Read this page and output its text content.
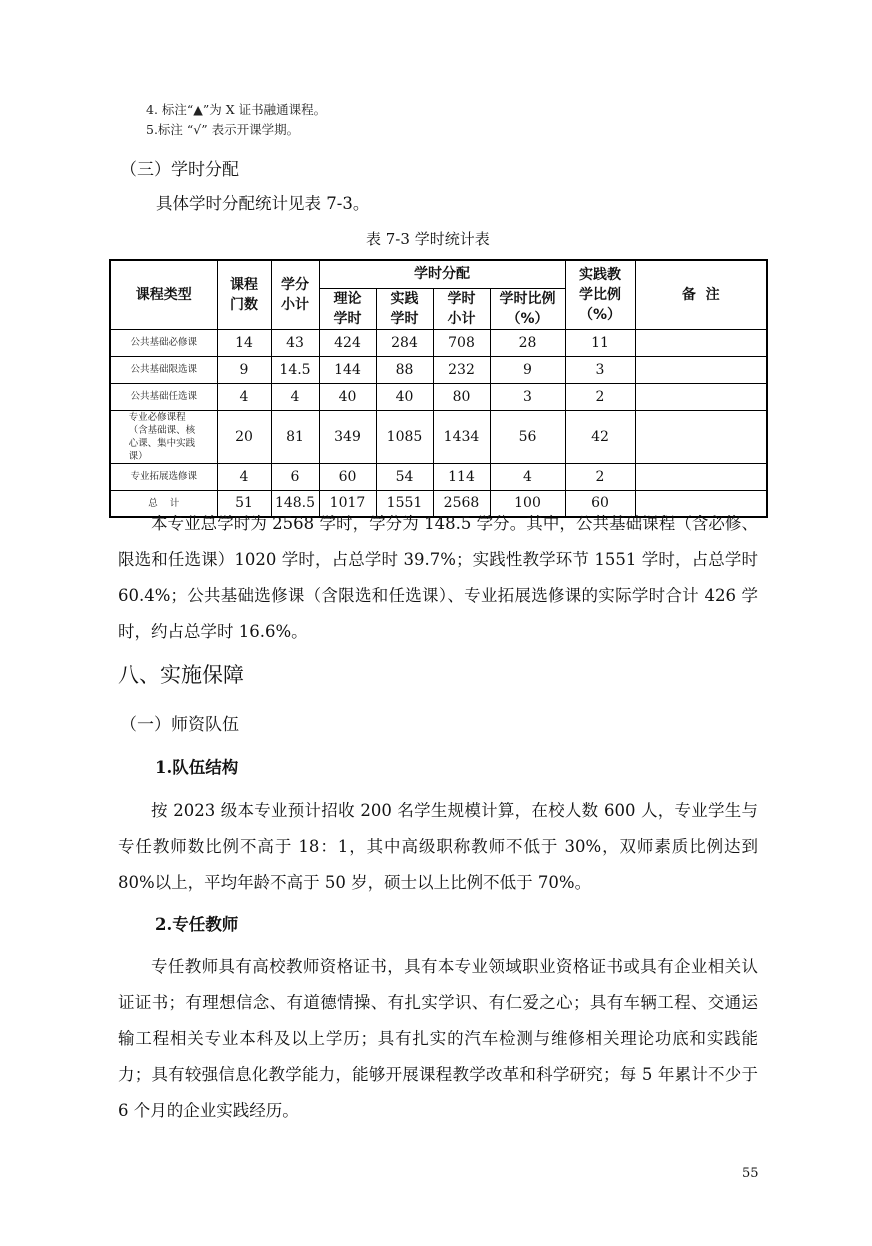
4. 标注“▲”为 X 证书融通课程。
5.标注 “√” 表示开课学期。
（三）学时分配
具体学时分配统计见表 7-3。
表 7-3 学时统计表
课程类型	课程门数	学分小计	学时分配				实践教学比例（%）	备  注

			理论学时	实践学时	学时小计	学时比例（%）		

公共基础必修课	14	43	424	284	708	28	11	
公共基础限选课	9	14.5	144	88	232	9	3	
公共基础任选课	4	4	40	40	80	3	2	

专业必修课程（含基础课、核心课、集中实践课）	20	81	349	1085	1434	56	42	
专业拓展选修课	4	6	60	54	114	4	2	
总    计	51	148.5	1017	1551	2568	100	60	
本专业总学时为 2568 学时，学分为 148.5 学分。其中，公共基础课程（含必修、限选和任选课）1020 学时，占总学时 39.7%；实践性教学环节 1551 学时，占总学时 60.4%；公共基础选修课（含限选和任选课）、专业拓展选修课的实际学时合计 426 学时，约占总学时 16.6%。
八、实施保障
（一）师资队伍
1.队伍结构
按 2023 级本专业预计招收 200 名学生规模计算，在校人数 600 人，专业学生与专任教师数比例不高于 18：1，其中高级职称教师不低于 30%，双师素质比例达到 80%以上，平均年龄不高于 50 岁，硕士以上比例不低于 70%。
2.专任教师
专任教师具有高校教师资格证书，具有本专业领域职业资格证书或具有企业相关认证证书；有理想信念、有道德情操、有扎实学识、有仁爱之心；具有车辆工程、交通运输工程相关专业本科及以上学历；具有扎实的汽车检测与维修相关理论功底和实践能力；具有较强信息化教学能力，能够开展课程教学改革和科学研究；每 5 年累计不少于 6 个月的企业实践经历。
55
